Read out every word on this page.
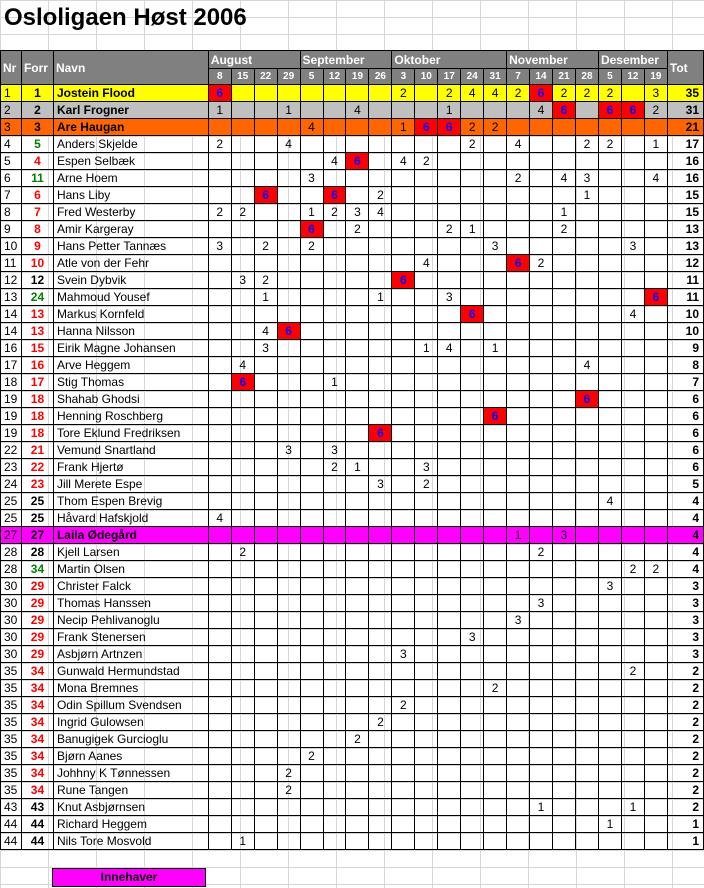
Osloligaen Høst 2006
Nr	Forr	Navn	August				September				Oktober					November				Desember			Tot
			8	15	22	29	5	12	19	26	3	10	17	24	31	7	14	21	28	5	12	19	
1	1	Jostein Flood	6								2		2	4	4	2	6	2	2	2		3	35
2	2	Karl Frogner	1			1			4				1				4	6		6	6	2	31
3	3	Are Haugan					4				1	6	6	2	2								21
4	5	Anders Skjelde	2			4								2		4			2	2		1	17
5	4	Espen Selbæk						4	6		4	2											16
6	11	Arne Hoem					3									2		4	3			4	16
7	6	Hans Liby			6			6		2									1				15
8	7	Fred Westerby	2	2			1	2	3	4								1					15
9	8	Amir Kargeray					6		2				2	1				2					13
10	9	Hans Petter Tannæs	3		2		2								3						3		13
11	10	Atle von der Fehr										4				6	2						12
12	12	Svein Dybvik		3	2						6												11
13	24	Mahmoud Yousef			1					1			3									6	11
14	13	Markus Kornfeld												6							4		10
14	13	Hanna Nilsson			4	6																	10
16	15	Eirik Magne Johansen			3							1	4		1								9
17	16	Arve Heggem		4															4				8
18	17	Stig Thomas		6				1															7
19	18	Shahab Ghodsi																	6				6
19	18	Henning Roschberg													6								6
19	18	Tore Eklund Fredriksen								6													6
22	21	Vemund Snartland				3		3															6
23	22	Frank Hjertø						2	1			3											6
24	23	Jill Merete Espe								3		2											5
25	25	Thom Espen Brevig																		4			4
25	25	Håvard Hafskjold	4																				4
27	27	Laila Ødegård														1		3					4
28	28	Kjell Larsen		2													2						4
28	34	Martin Olsen																			2	2	4
30	29	Christer Falck																		3			3
30	29	Thomas Hanssen															3						3
30	29	Necip Pehlivanoglu														3							3
30	29	Frank Stenersen												3									3
30	29	Asbjørn Artnzen									3												3
35	34	Gunwald Hermundstad																			2		2
35	34	Mona Bremnes													2								2
35	34	Odin Spillum Svendsen									2												2
35	34	Ingrid Gulowsen								2													2
35	34	Banugigek Gurcioglu							2														2
35	34	Bjørn Aanes					2																2
35	34	Johhny K Tønnessen				2																	2
35	34	Rune Tangen				2																	2
43	43	Knut Asbjørnsen															1				1		2
44	44	Richard Heggem																		1			1
44	44	Nils Tore Mosvold		1																			1
Innehaver
